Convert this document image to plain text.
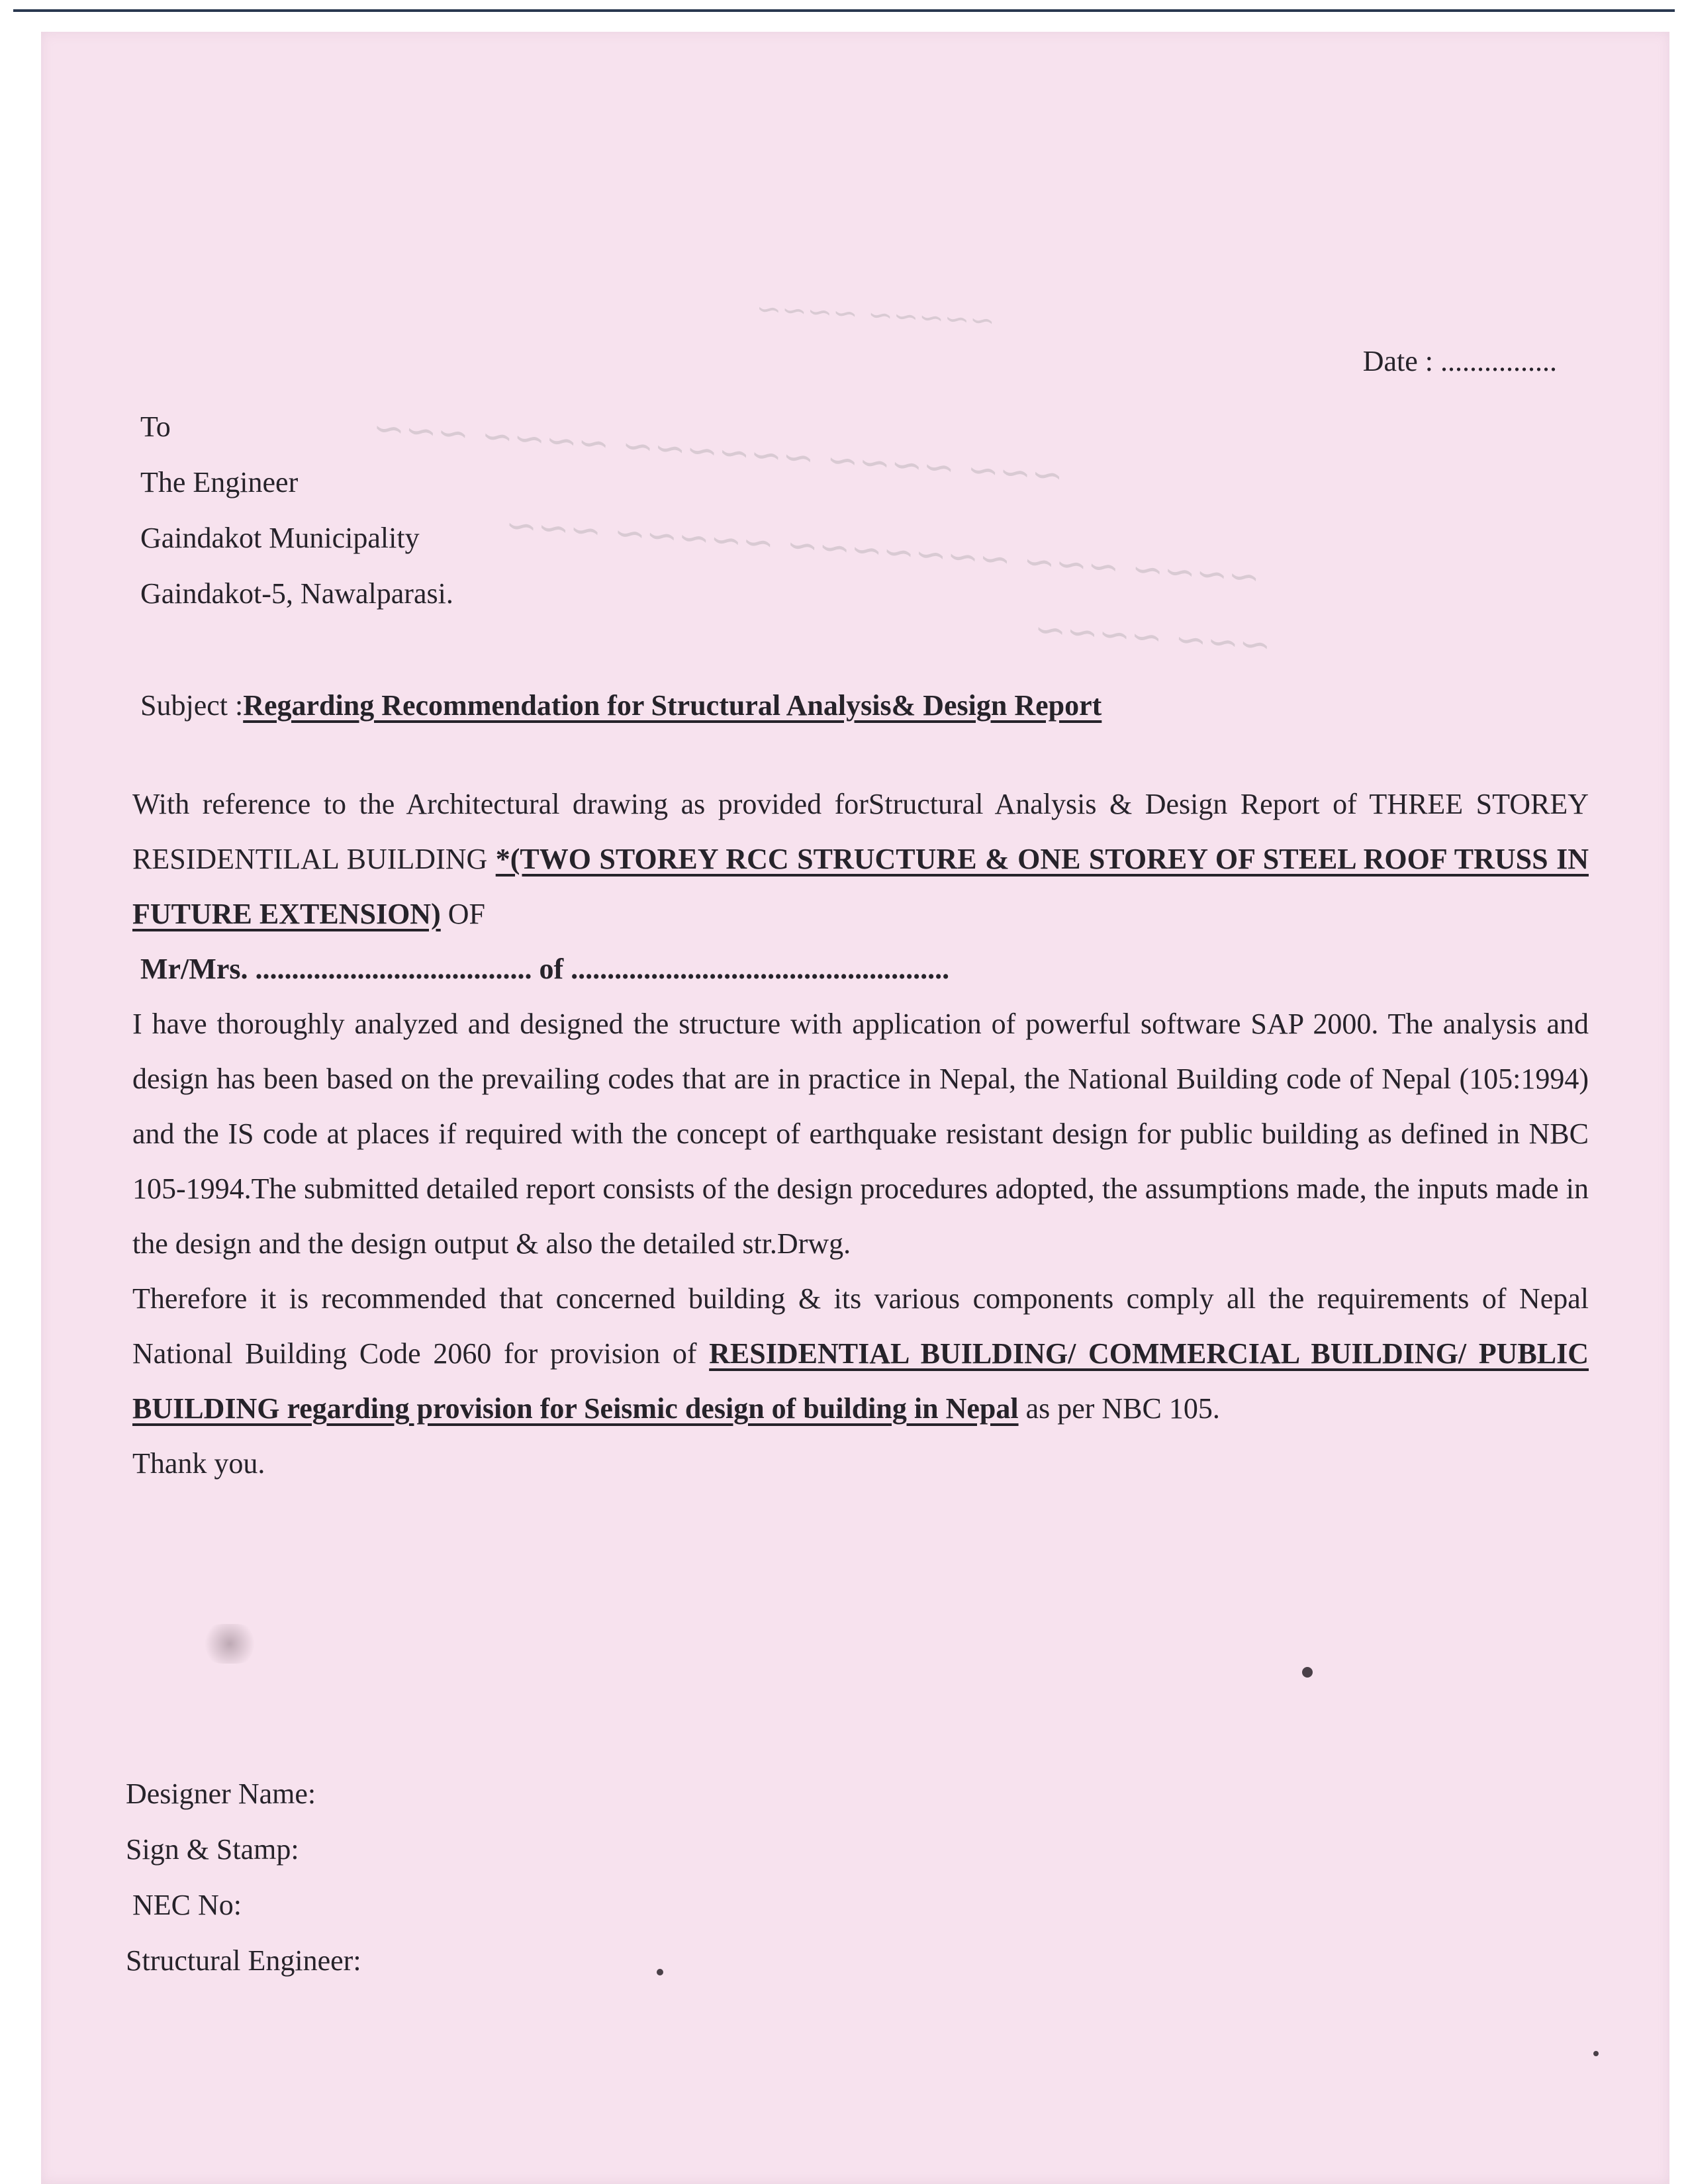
∼∼∼∼∼ ∼∼∼∼
∼∼∼ ∼∼∼∼ ∼∼∼∼∼∼ ∼∼∼∼ ∼∼∼
∼∼∼∼ ∼∼∼ ∼∼∼∼∼∼∼ ∼∼∼∼∼ ∼∼∼
∼∼∼ ∼∼∼∼
Date : ................
To
The Engineer
Gaindakot Municipality
Gaindakot-5, Nawalparasi.
Subject :Regarding Recommendation for Structural Analysis& Design Report

With reference to the Architectural drawing as provided forStructural Analysis & Design Report of THREE STOREY RESIDENTILAL BUILDING *(TWO STOREY RCC STRUCTURE & ONE STOREY OF STEEL ROOF TRUSS IN FUTURE EXTENSION) OF

Mr/Mrs. ...................................... of ....................................................

I have thoroughly analyzed and designed the structure with application of powerful software SAP 2000. The analysis and design has been based on the prevailing codes that are in practice in Nepal, the National Building code of Nepal (105:1994) and the IS code at places if required with the concept of earthquake resistant design for public building as defined in NBC 105-1994.The submitted detailed report consists of the design procedures adopted, the assumptions made, the inputs made in the design and the design output & also the detailed str.Drwg.

Therefore it is recommended that concerned building & its various components comply all the requirements of Nepal National Building Code 2060 for provision of RESIDENTIAL BUILDING/ COMMERCIAL BUILDING/ PUBLIC BUILDING regarding provision for Seismic design of building in Nepal as per NBC 105.

Thank you.

Designer Name:
Sign & Stamp:
NEC No:
Structural Engineer:
